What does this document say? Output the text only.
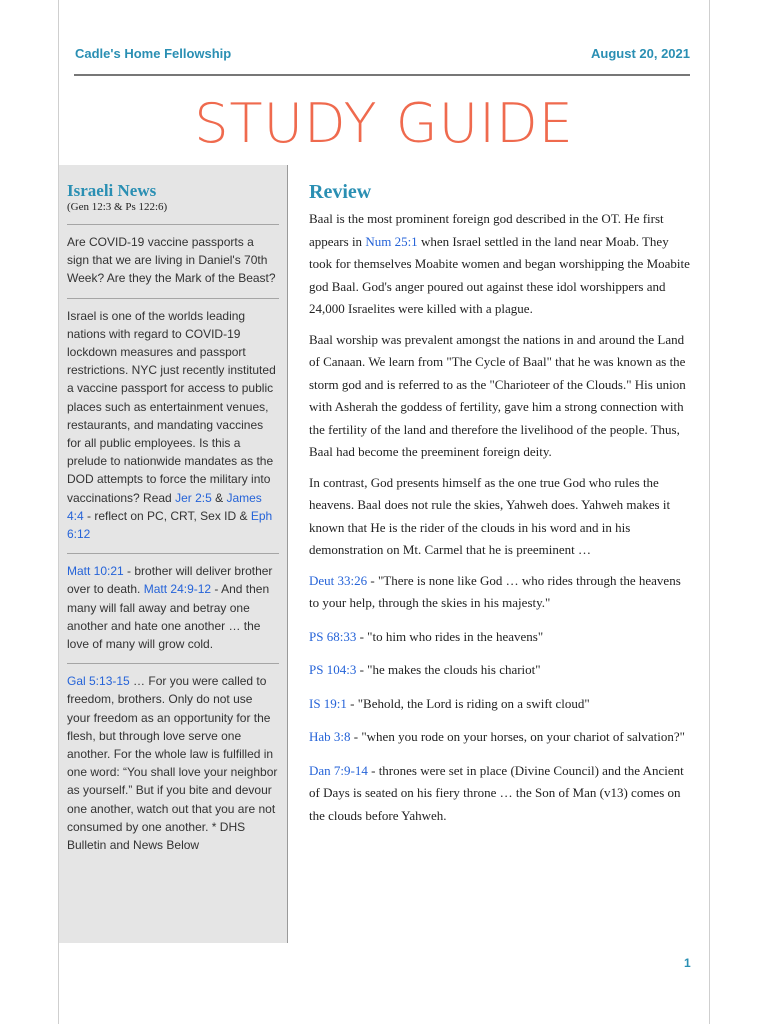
Cadle's Home Fellowship	August 20, 2021
STUDY GUIDE
Israeli News
(Gen 12:3 & Ps 122:6)

Are COVID-19 vaccine passports a sign that we are living in Daniel's 70th Week? Are they the Mark of the Beast?

Israel is one of the worlds leading nations with regard to COVID-19 lockdown measures and passport restrictions. NYC just recently instituted a vaccine passport for access to public places such as entertainment venues, restaurants, and mandating vaccines for all public employees. Is this a prelude to nationwide mandates as the DOD attempts to force the military into vaccinations? Read Jer 2:5 & James 4:4 - reflect on PC, CRT, Sex ID & Eph 6:12

Matt 10:21 - brother will deliver brother over to death. Matt 24:9-12 - And then many will fall away and betray one another and hate one another … the love of many will grow cold.

Gal 5:13-15 … For you were called to freedom, brothers. Only do not use your freedom as an opportunity for the flesh, but through love serve one another. For the whole law is fulfilled in one word: “You shall love your neighbor as yourself.” But if you bite and devour one another, watch out that you are not consumed by one another. * DHS Bulletin and News Below

Review

Baal is the most prominent foreign god described in the OT. He first appears in Num 25:1 when Israel settled in the land near Moab. They took for themselves Moabite women and began worshipping the Moabite god Baal. God's anger poured out against these idol worshippers and 24,000 Israelites were killed with a plague.

Baal worship was prevalent amongst the nations in and around the Land of Canaan. We learn from "The Cycle of Baal" that he was known as the storm god and is referred to as the "Charioteer of the Clouds." His union with Asherah the goddess of fertility, gave him a strong connection with the fertility of the land and therefore the livelihood of the people. Thus, Baal had become the preeminent foreign deity.

In contrast, God presents himself as the one true God who rules the heavens. Baal does not rule the skies, Yahweh does. Yahweh makes it known that He is the rider of the clouds in his word and in his demonstration on Mt. Carmel that he is preeminent …

Deut 33:26 - "There is none like God … who rides through the heavens to your help, through the skies in his majesty."

PS 68:33 - "to him who rides in the heavens"

PS 104:3 - "he makes the clouds his chariot"

IS 19:1 - "Behold, the Lord is riding on a swift cloud"

Hab 3:8 - "when you rode on your horses, on your chariot of salvation?"

Dan 7:9-14 - thrones were set in place (Divine Council) and the Ancient of Days is seated on his fiery throne … the Son of Man (v13) comes on the clouds before Yahweh.

1
